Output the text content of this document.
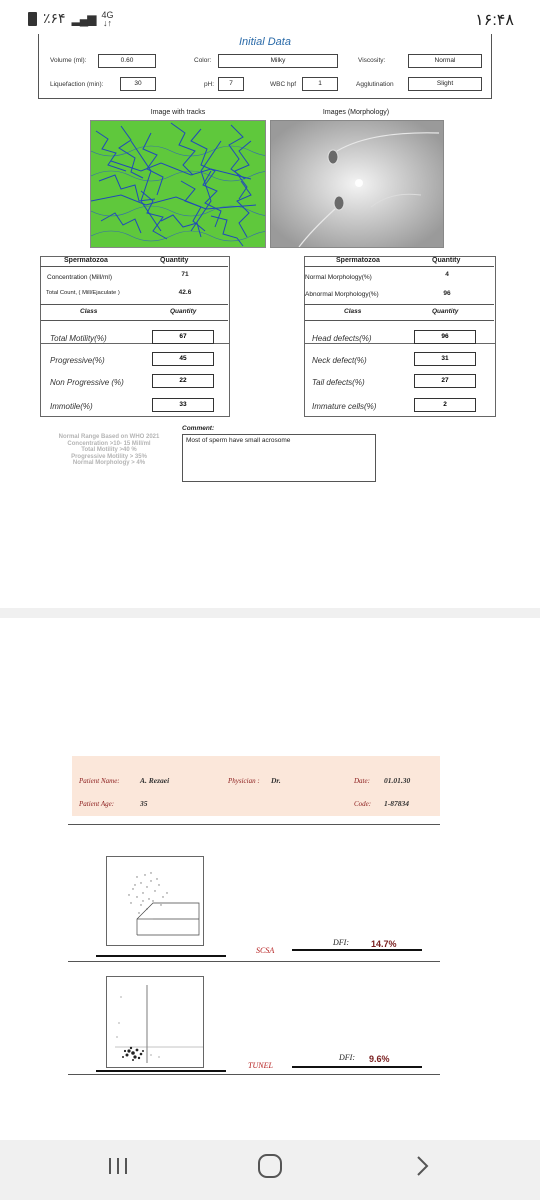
٪۶۴ ▂▄▆ 4G
↓↑	۱۶:۴۸
Initial Data
Volume (ml):	0.60	Color:	Milky	Viscosity:	Normal
Liquefaction (min):	30	pH:	7	WBC hpf	1	Agglutination	Slight
Image with tracks	Images (Morphology)
Spermatozoa	Quantity
Concentration (Mill/ml)	71
Total Count, ( Mill/Ejaculate )	42.6
Class	Quantity
Total Motility(%)	67
Progressive(%)	45
Non Progressive (%)	22
Immotile(%)	33
Spermatozoa	Quantity
Normal Morphology(%)	4
Abnormal Morphology(%)	96
Class	Quantity
Head defects(%)	96
Neck defect(%)	31
Tail defects(%)	27
Immature cells(%)	2
Normal Range Based on WHO 2021
Concentration >10- 15 Mill/ml
Total Motility >40 %
Progressive Motility > 35%
Normal Morphology > 4%
Comment:
Most of sperm have small acrosome
Patient Name:	A. Rezaei	Physician : Dr.	Date: 01.01.30
Patient Age:	35	Code: 1-87834
SCSA
DFI: 14.7%
TUNEL
DFI: 9.6%
